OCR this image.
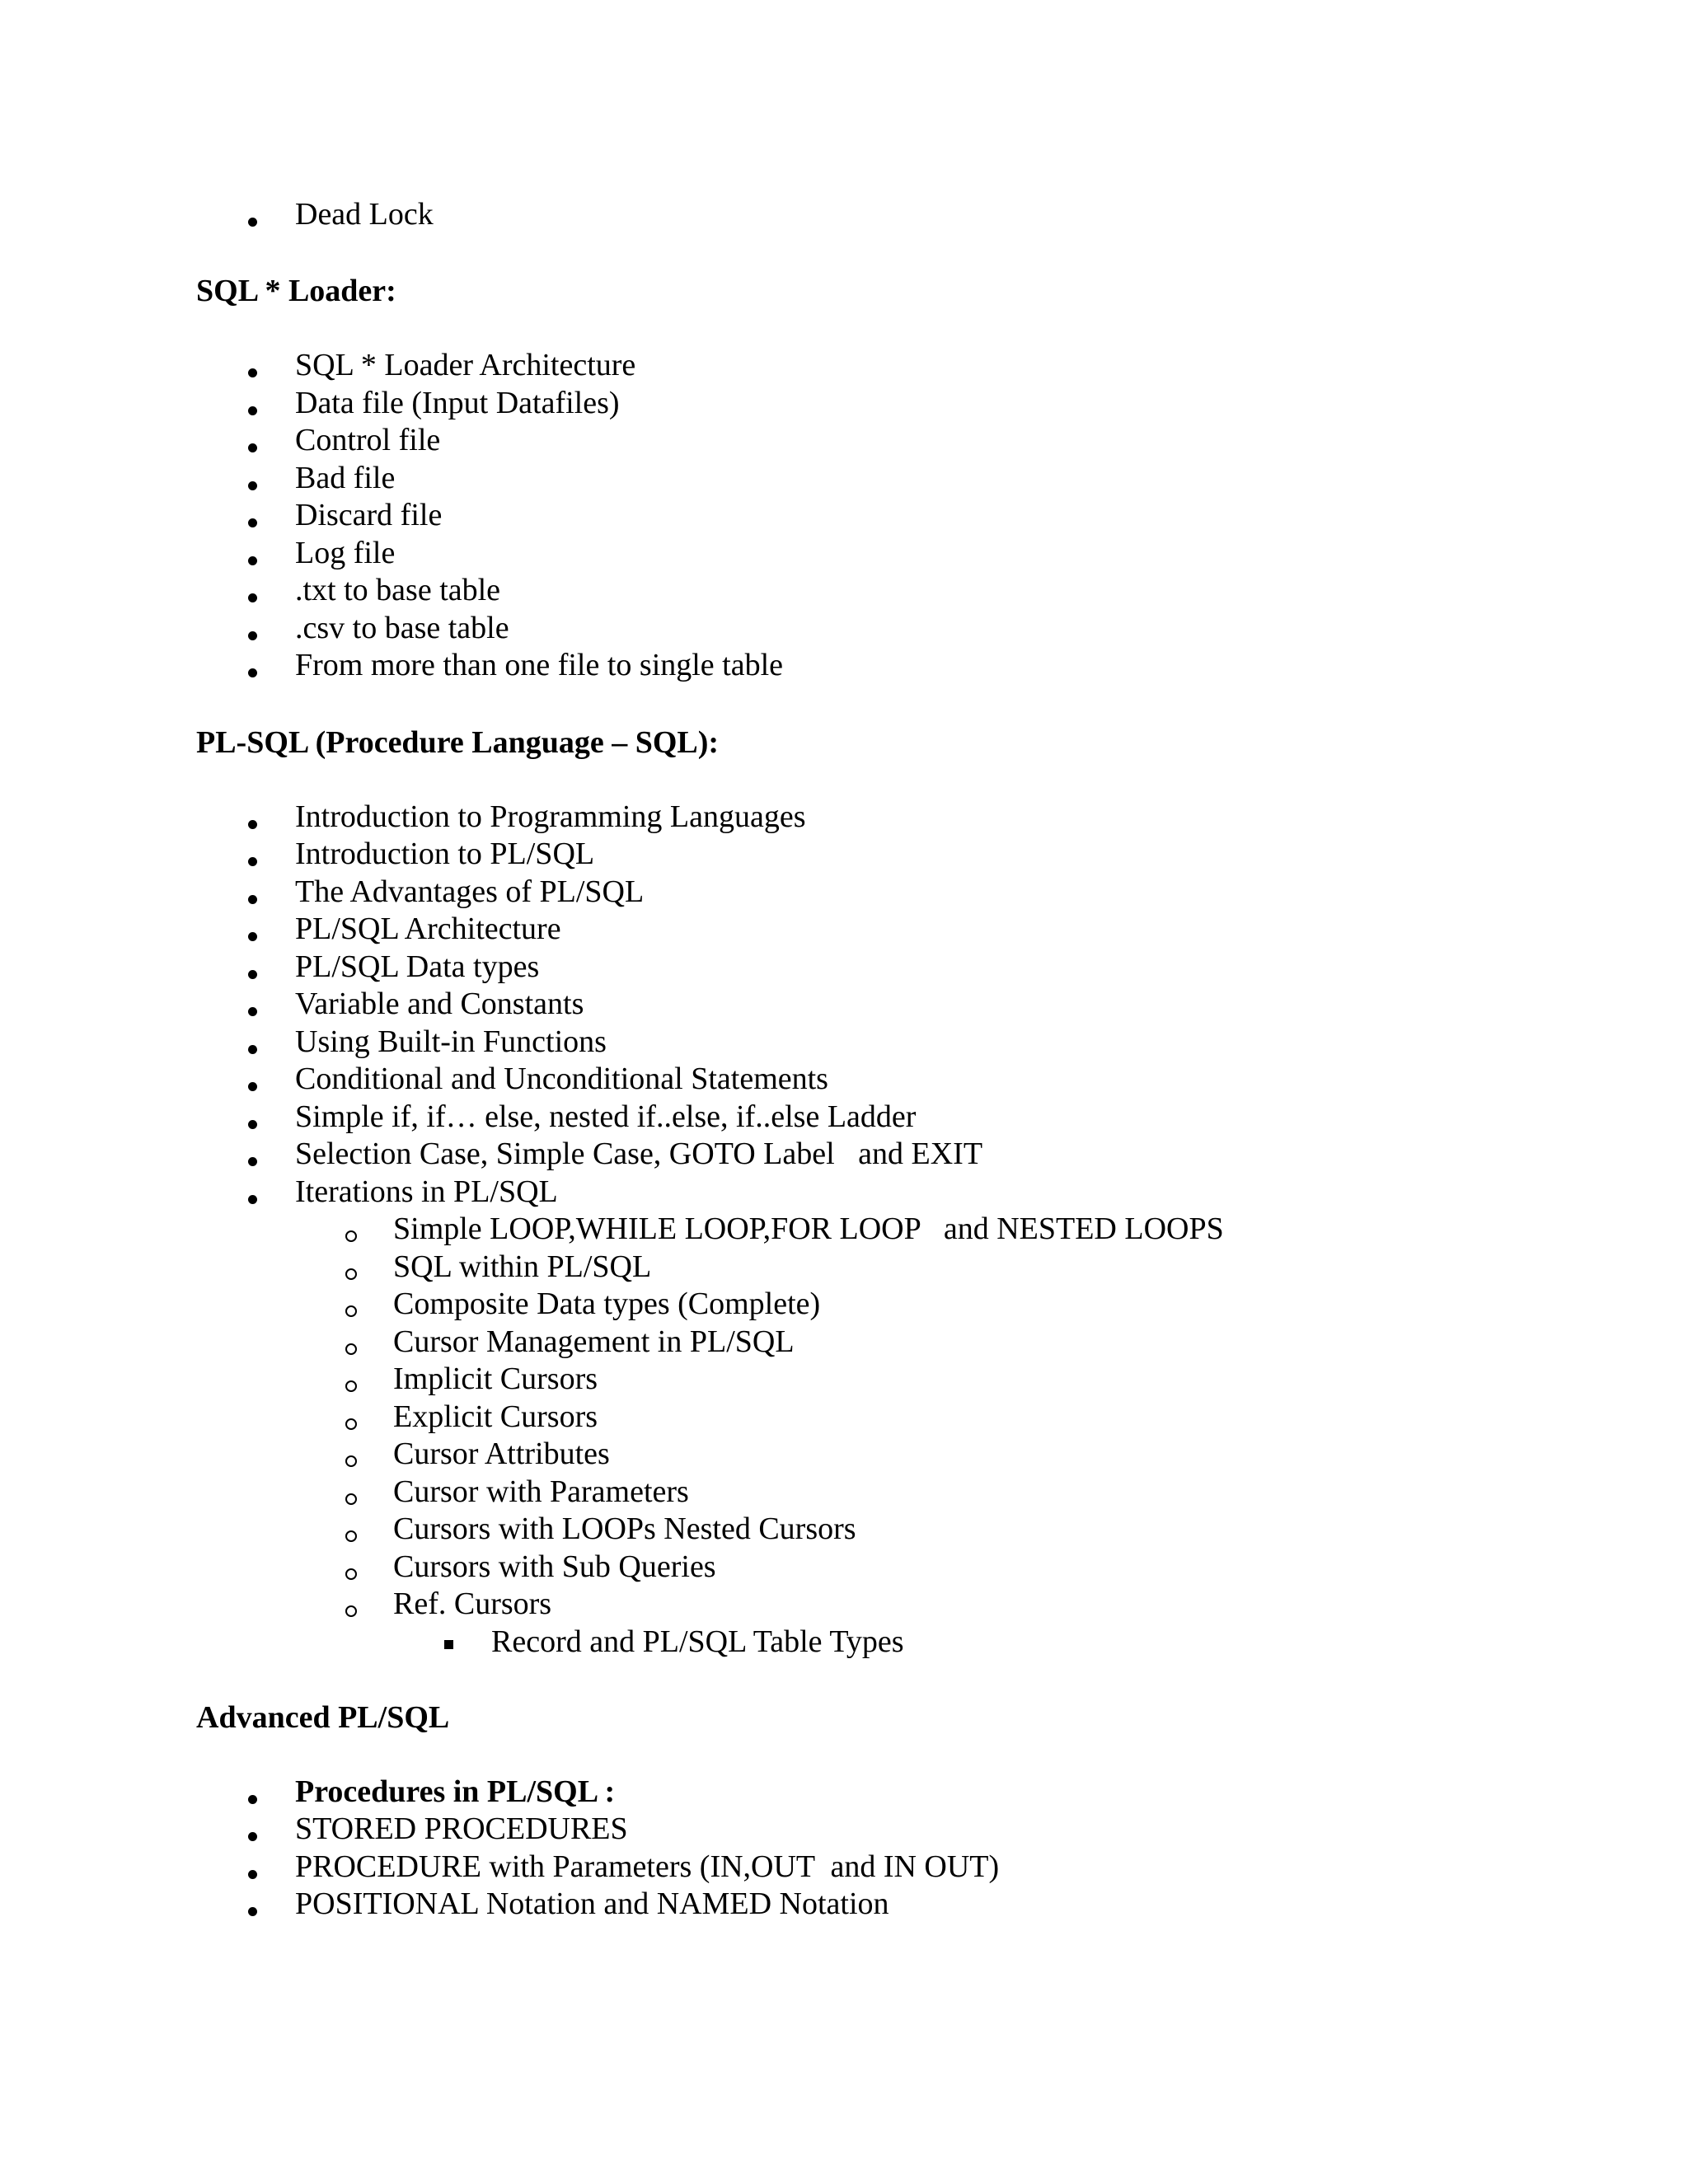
Dead Lock
SQL * Loader:
SQL * Loader Architecture
Data file (Input Datafiles)
Control file
Bad file
Discard file
Log file
.txt to base table
.csv to base table
From more than one file to single table
PL-SQL (Procedure Language – SQL):
Introduction to Programming Languages
Introduction to PL/SQL
The Advantages of PL/SQL
PL/SQL Architecture
PL/SQL Data types
Variable and Constants
Using Built-in Functions
Conditional and Unconditional Statements
Simple if, if… else, nested if..else, if..else Ladder
Selection Case, Simple Case, GOTO Label   and EXIT
Iterations in PL/SQL
Simple LOOP,WHILE LOOP,FOR LOOP   and NESTED LOOPS
SQL within PL/SQL
Composite Data types (Complete)
Cursor Management in PL/SQL
Implicit Cursors
Explicit Cursors
Cursor Attributes
Cursor with Parameters
Cursors with LOOPs Nested Cursors
Cursors with Sub Queries
Ref. Cursors
Record and PL/SQL Table Types
Advanced PL/SQL
Procedures in PL/SQL :
STORED PROCEDURES
PROCEDURE with Parameters (IN,OUT  and IN OUT)
POSITIONAL Notation and NAMED Notation
